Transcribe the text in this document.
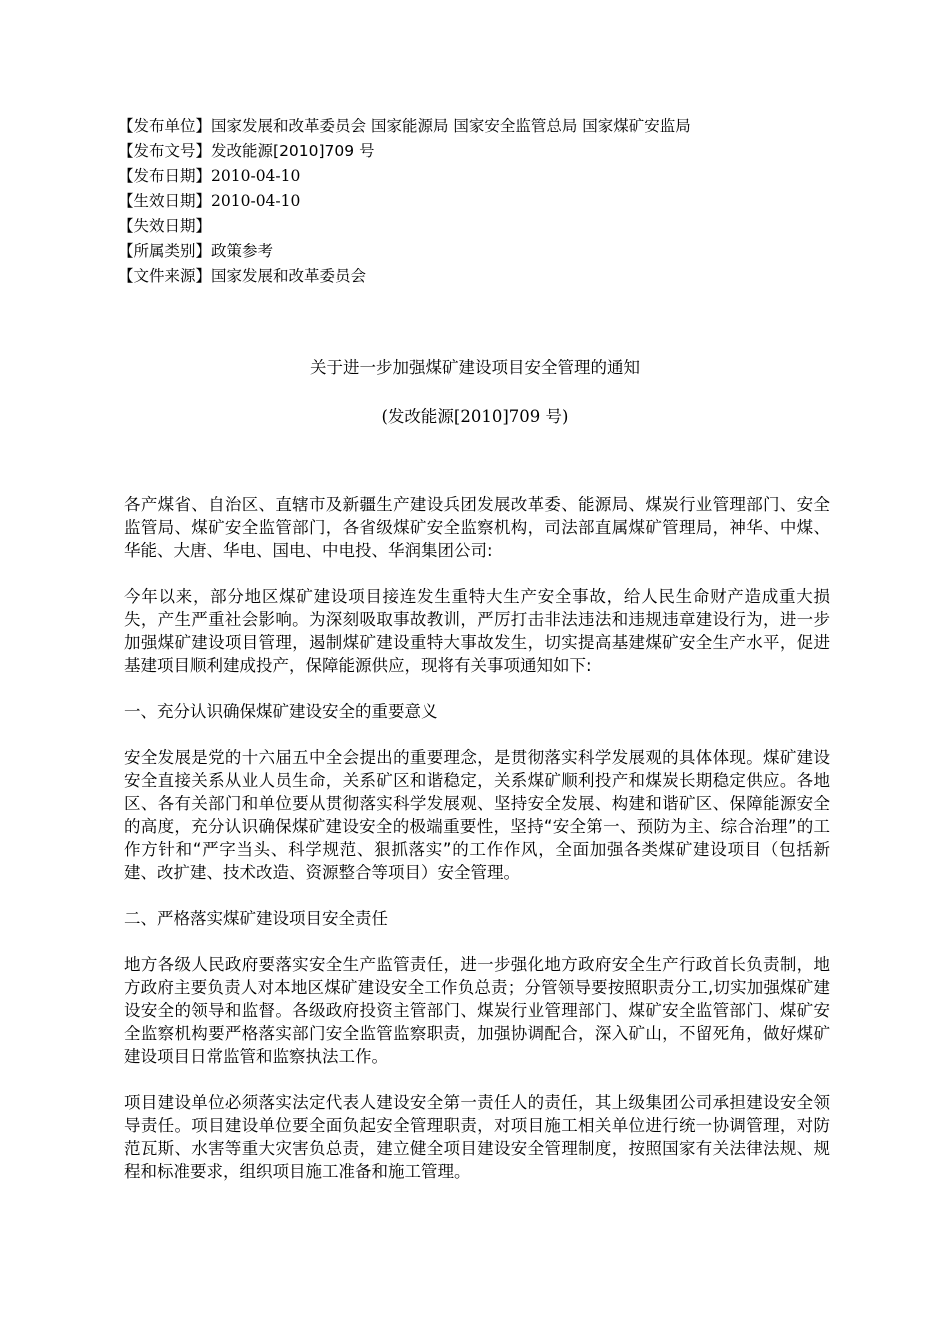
【发布单位】国家发展和改革委员会 国家能源局 国家安全监管总局 国家煤矿安监局
【发布文号】发改能源[2010]709 号
【发布日期】2010-04-10
【生效日期】2010-04-10
【失效日期】
【所属类别】政策参考
【文件来源】国家发展和改革委员会
关于进一步加强煤矿建设项目安全管理的通知
(发改能源[2010]709 号)

各产煤省、自治区、直辖市及新疆生产建设兵团发展改革委、能源局、煤炭行业管理部门、安全监管局、煤矿安全监管部门，各省级煤矿安全监察机构，司法部直属煤矿管理局，神华、中煤、华能、大唐、华电、国电、中电投、华润集团公司:

今年以来，部分地区煤矿建设项目接连发生重特大生产安全事故，给人民生命财产造成重大损失，产生严重社会影响。为深刻吸取事故教训，严厉打击非法违法和违规违章建设行为，进一步加强煤矿建设项目管理，遏制煤矿建设重特大事故发生，切实提高基建煤矿安全生产水平，促进基建项目顺利建成投产，保障能源供应，现将有关事项通知如下:

一、充分认识确保煤矿建设安全的重要意义

安全发展是党的十六届五中全会提出的重要理念，是贯彻落实科学发展观的具体体现。煤矿建设安全直接关系从业人员生命，关系矿区和谐稳定，关系煤矿顺利投产和煤炭长期稳定供应。各地区、各有关部门和单位要从贯彻落实科学发展观、坚持安全发展、构建和谐矿区、保障能源安全的高度，充分认识确保煤矿建设安全的极端重要性，坚持“安全第一、预防为主、综合治理”的工作方针和“严字当头、科学规范、狠抓落实”的工作作风，全面加强各类煤矿建设项目（包括新建、改扩建、技术改造、资源整合等项目）安全管理。

二、严格落实煤矿建设项目安全责任

地方各级人民政府要落实安全生产监管责任，进一步强化地方政府安全生产行政首长负责制，地方政府主要负责人对本地区煤矿建设安全工作负总责；分管领导要按照职责分工,切实加强煤矿建设安全的领导和监督。各级政府投资主管部门、煤炭行业管理部门、煤矿安全监管部门、煤矿安全监察机构要严格落实部门安全监管监察职责，加强协调配合，深入矿山，不留死角，做好煤矿建设项目日常监管和监察执法工作。

项目建设单位必须落实法定代表人建设安全第一责任人的责任，其上级集团公司承担建设安全领导责任。项目建设单位要全面负起安全管理职责，对项目施工相关单位进行统一协调管理，对防范瓦斯、水害等重大灾害负总责，建立健全项目建设安全管理制度，按照国家有关法律法规、规程和标准要求，组织项目施工准备和施工管理。
